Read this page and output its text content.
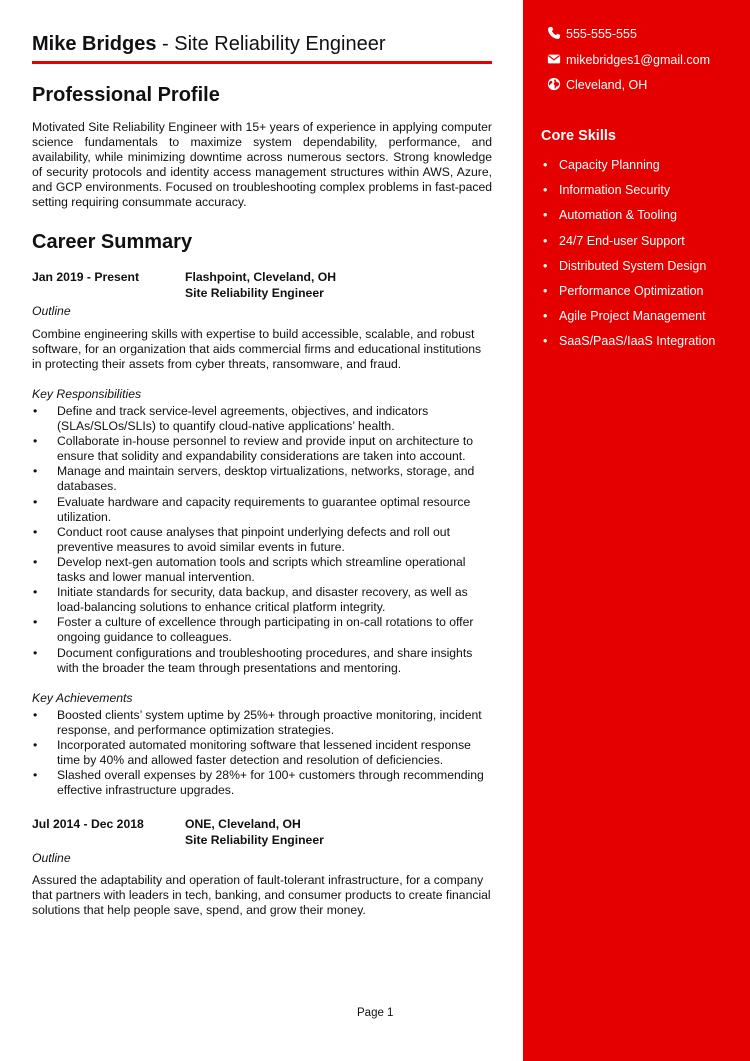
Mike Bridges - Site Reliability Engineer
Professional Profile
Motivated Site Reliability Engineer with 15+ years of experience in applying computer science fundamentals to maximize system dependability, performance, and availability, while minimizing downtime across numerous sectors. Strong knowledge of security protocols and identity access management structures within AWS, Azure, and GCP environments. Focused on troubleshooting complex problems in fast-paced setting requiring consummate accuracy.
Career Summary
Jan 2019 - Present	Flashpoint, Cleveland, OH
Site Reliability Engineer
Outline
Combine engineering skills with expertise to build accessible, scalable, and robust software, for an organization that aids commercial firms and educational institutions in protecting their assets from cyber threats, ransomware, and fraud.
Key Responsibilities
• Define and track service-level agreements, objectives, and indicators (SLAs/SLOs/SLIs) to quantify cloud-native applications’ health.
• Collaborate in-house personnel to review and provide input on architecture to ensure that solidity and expandability considerations are taken into account.
• Manage and maintain servers, desktop virtualizations, networks, storage, and databases.
• Evaluate hardware and capacity requirements to guarantee optimal resource utilization.
• Conduct root cause analyses that pinpoint underlying defects and roll out preventive measures to avoid similar events in future.
• Develop next-gen automation tools and scripts which streamline operational tasks and lower manual intervention.
• Initiate standards for security, data backup, and disaster recovery, as well as load-balancing solutions to enhance critical platform integrity.
• Foster a culture of excellence through participating in on-call rotations to offer ongoing guidance to colleagues.
• Document configurations and troubleshooting procedures, and share insights with the broader the team through presentations and mentoring.
Key Achievements
• Boosted clients’ system uptime by 25%+ through proactive monitoring, incident response, and performance optimization strategies.
• Incorporated automated monitoring software that lessened incident response time by 40% and allowed faster detection and resolution of deficiencies.
• Slashed overall expenses by 28%+ for 100+ customers through recommending effective infrastructure upgrades.
Jul 2014 - Dec 2018	ONE, Cleveland, OH
Site Reliability Engineer
Outline
Assured the adaptability and operation of fault-tolerant infrastructure, for a company that partners with leaders in tech, banking, and consumer products to create financial solutions that help people save, spend, and grow their money.
Page 1
555-555-555
mikebridges1@gmail.com
Cleveland, OH
Core Skills
• Capacity Planning
• Information Security
• Automation & Tooling
• 24/7 End-user Support
• Distributed System Design
• Performance Optimization
• Agile Project Management
• SaaS/PaaS/IaaS Integration
